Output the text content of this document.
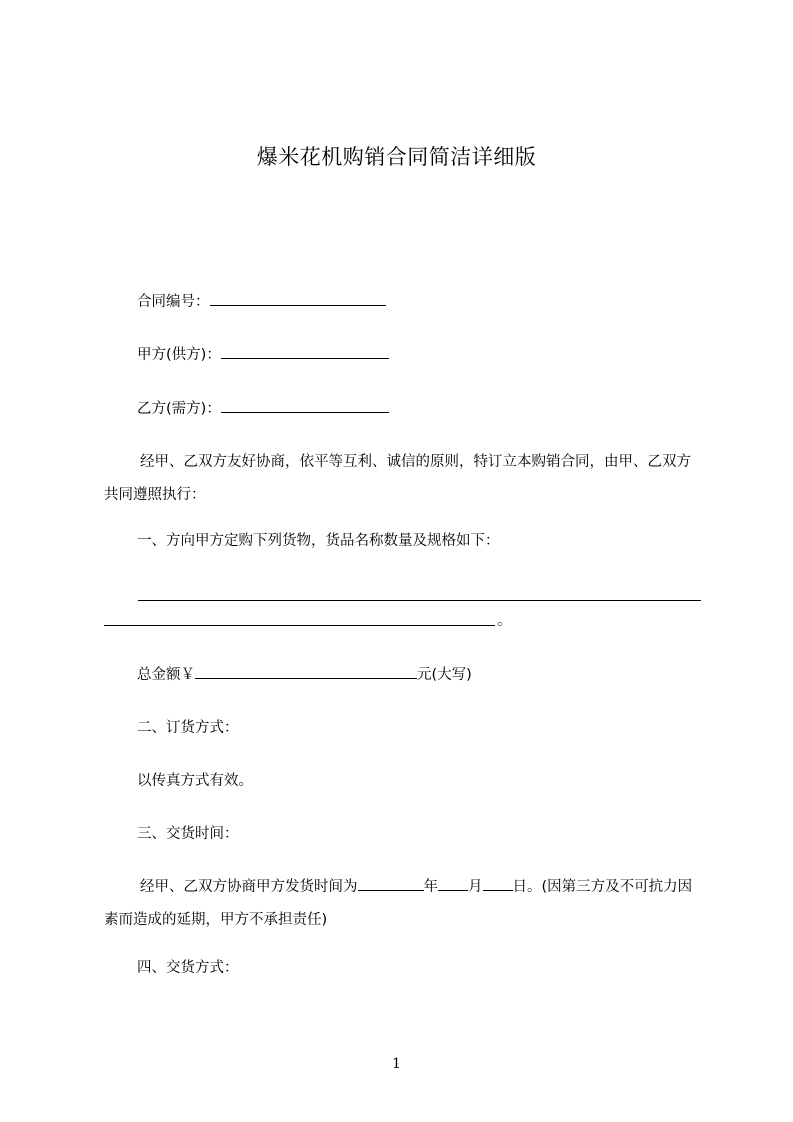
爆米花机购销合同简洁详细版
合同编号：
甲方(供方)：
乙方(需方)：
经甲、乙双方友好协商，依平等互利、诚信的原则，特订立本购销合同，由甲、乙双方共同遵照执行：
一、方向甲方定购下列货物，货品名称数量及规格如下：
。
总金额￥	元(大写)
二、订货方式：
以传真方式有效。
三、交货时间：
经甲、乙双方协商甲方发货时间为	年 月 日。(因第三方及不可抗力因素而造成的延期，甲方不承担责任)
四、交货方式：
1
